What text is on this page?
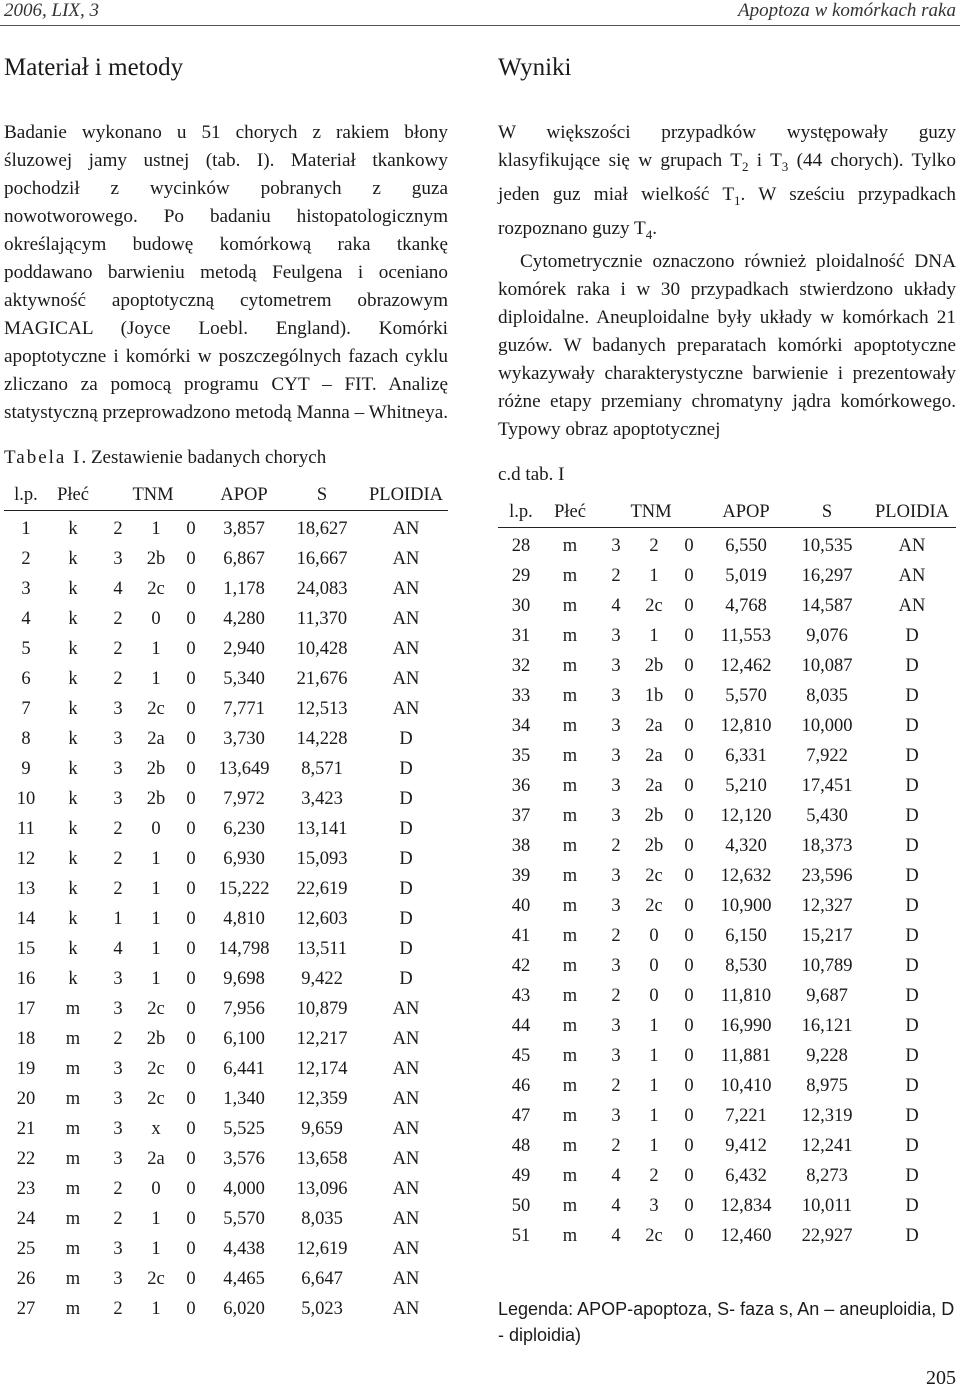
2006, LIX, 3	Apoptoza w komórkach raka
Materiał i metody

Badanie wykonano u 51 chorych z rakiem błony śluzowej jamy ustnej (tab. I). Materiał tkankowy pochodził z wycinków pobranych z guza nowotworowego. Po badaniu histopatologicznym określającym budowę komórkową raka tkankę poddawano barwieniu metodą Feulgena i oceniano aktywność apoptotyczną cytometrem obrazowym MAGICAL (Joyce Loebl. England). Komórki apoptotyczne i komórki w poszczególnych fazach cyklu zliczano za pomocą programu CYT – FIT. Analizę statystyczną przeprowadzono metodą Manna – Whitneya.

Tabela I. Zestawienie badanych chorych
l.p.	Płeć	TNM			APOP	S	PLOIDIA
1	k	2	1	0	3,857	18,627	AN
2	k	3	2b	0	6,867	16,667	AN
3	k	4	2c	0	1,178	24,083	AN
4	k	2	0	0	4,280	11,370	AN
5	k	2	1	0	2,940	10,428	AN
6	k	2	1	0	5,340	21,676	AN
7	k	3	2c	0	7,771	12,513	AN
8	k	3	2a	0	3,730	14,228	D
9	k	3	2b	0	13,649	8,571	D
10	k	3	2b	0	7,972	3,423	D
11	k	2	0	0	6,230	13,141	D
12	k	2	1	0	6,930	15,093	D
13	k	2	1	0	15,222	22,619	D
14	k	1	1	0	4,810	12,603	D
15	k	4	1	0	14,798	13,511	D
16	k	3	1	0	9,698	9,422	D
17	m	3	2c	0	7,956	10,879	AN
18	m	2	2b	0	6,100	12,217	AN
19	m	3	2c	0	6,441	12,174	AN
20	m	3	2c	0	1,340	12,359	AN
21	m	3	x	0	5,525	9,659	AN
22	m	3	2a	0	3,576	13,658	AN
23	m	2	0	0	4,000	13,096	AN
24	m	2	1	0	5,570	8,035	AN
25	m	3	1	0	4,438	12,619	AN
26	m	3	2c	0	4,465	6,647	AN
27	m	2	1	0	6,020	5,023	AN
Wyniki

W większości przypadków występowały guzy klasyfikujące się w grupach $T_2$ i $T_3$ (44 chorych). Tylko jeden guz miał wielkość $T_1$. W sześciu przypadkach rozpoznano guzy $T_4$.

Cytometrycznie oznaczono również ploidalność DNA komórek raka i w 30 przypadkach stwierdzono układy diploidalne. Aneuploidalne były układy w komórkach 21 guzów. W badanych preparatach komórki apoptotyczne wykazywały charakterystyczne barwienie i prezentowały różne etapy przemiany chromatyny jądra komórkowego. Typowy obraz apoptotycznej

c.d tab. I
l.p.	Płeć	TNM			APOP	S	PLOIDIA
28	m	3	2	0	6,550	10,535	AN
29	m	2	1	0	5,019	16,297	AN
30	m	4	2c	0	4,768	14,587	AN
31	m	3	1	0	11,553	9,076	D
32	m	3	2b	0	12,462	10,087	D
33	m	3	1b	0	5,570	8,035	D
34	m	3	2a	0	12,810	10,000	D
35	m	3	2a	0	6,331	7,922	D
36	m	3	2a	0	5,210	17,451	D
37	m	3	2b	0	12,120	5,430	D
38	m	2	2b	0	4,320	18,373	D
39	m	3	2c	0	12,632	23,596	D
40	m	3	2c	0	10,900	12,327	D
41	m	2	0	0	6,150	15,217	D
42	m	3	0	0	8,530	10,789	D
43	m	2	0	0	11,810	9,687	D
44	m	3	1	0	16,990	16,121	D
45	m	3	1	0	11,881	9,228	D
46	m	2	1	0	10,410	8,975	D
47	m	3	1	0	7,221	12,319	D
48	m	2	1	0	9,412	12,241	D
49	m	4	2	0	6,432	8,273	D
50	m	4	3	0	12,834	10,011	D
51	m	4	2c	0	12,460	22,927	D
Legenda: APOP-apoptoza, S- faza s, An – aneuploidia, D - diploidia)
205
